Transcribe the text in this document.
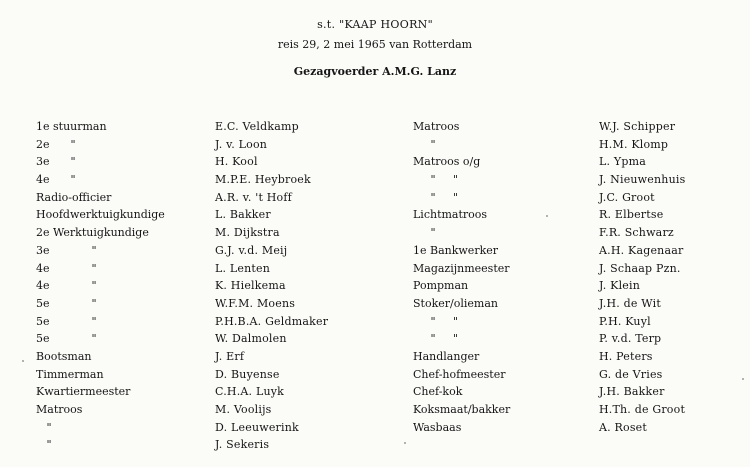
s.t. "KAAP HOORN"
reis 29, 2 mei 1965 van Rotterdam
Gezagvoerder A.M.G. Lanz
1e stuurman
2e      "
3e      "
4e      "
Radio-officier
Hoofdwerktuigkundige
2e Werktuigkundige
3e            "
4e            "
4e            "
5e            "
5e            "
5e            "
Bootsman
Timmerman
Kwartiermeester
Matroos
"
"
E.C. Veldkamp
J. v. Loon
H. Kool
M.P.E. Heybroek
A.R. v. 't Hoff
L. Bakker
M. Dijkstra
G.J. v.d. Meij
L. Lenten
K. Hielkema
W.F.M. Moens
P.H.B.A. Geldmaker
W. Dalmolen
J. Erf
D. Buyense
C.H.A. Luyk
M. Voolijs
D. Leeuwerink
J. Sekeris
Matroos
"
Matroos o/g
"     "
"     "
Lichtmatroos
"
1e Bankwerker
Magazijnmeester
Pompman
Stoker/olieman
"     "
"     "
Handlanger
Chef-hofmeester
Chef-kok
Koksmaat/bakker
Wasbaas
W.J. Schipper
H.M. Klomp
L. Ypma
J. Nieuwenhuis
J.C. Groot
R. Elbertse
F.R. Schwarz
A.H. Kagenaar
J. Schaap Pzn.
J. Klein
J.H. de Wit
P.H. Kuyl
P. v.d. Terp
H. Peters
G. de Vries
J.H. Bakker
H.Th. de Groot
A. Roset
